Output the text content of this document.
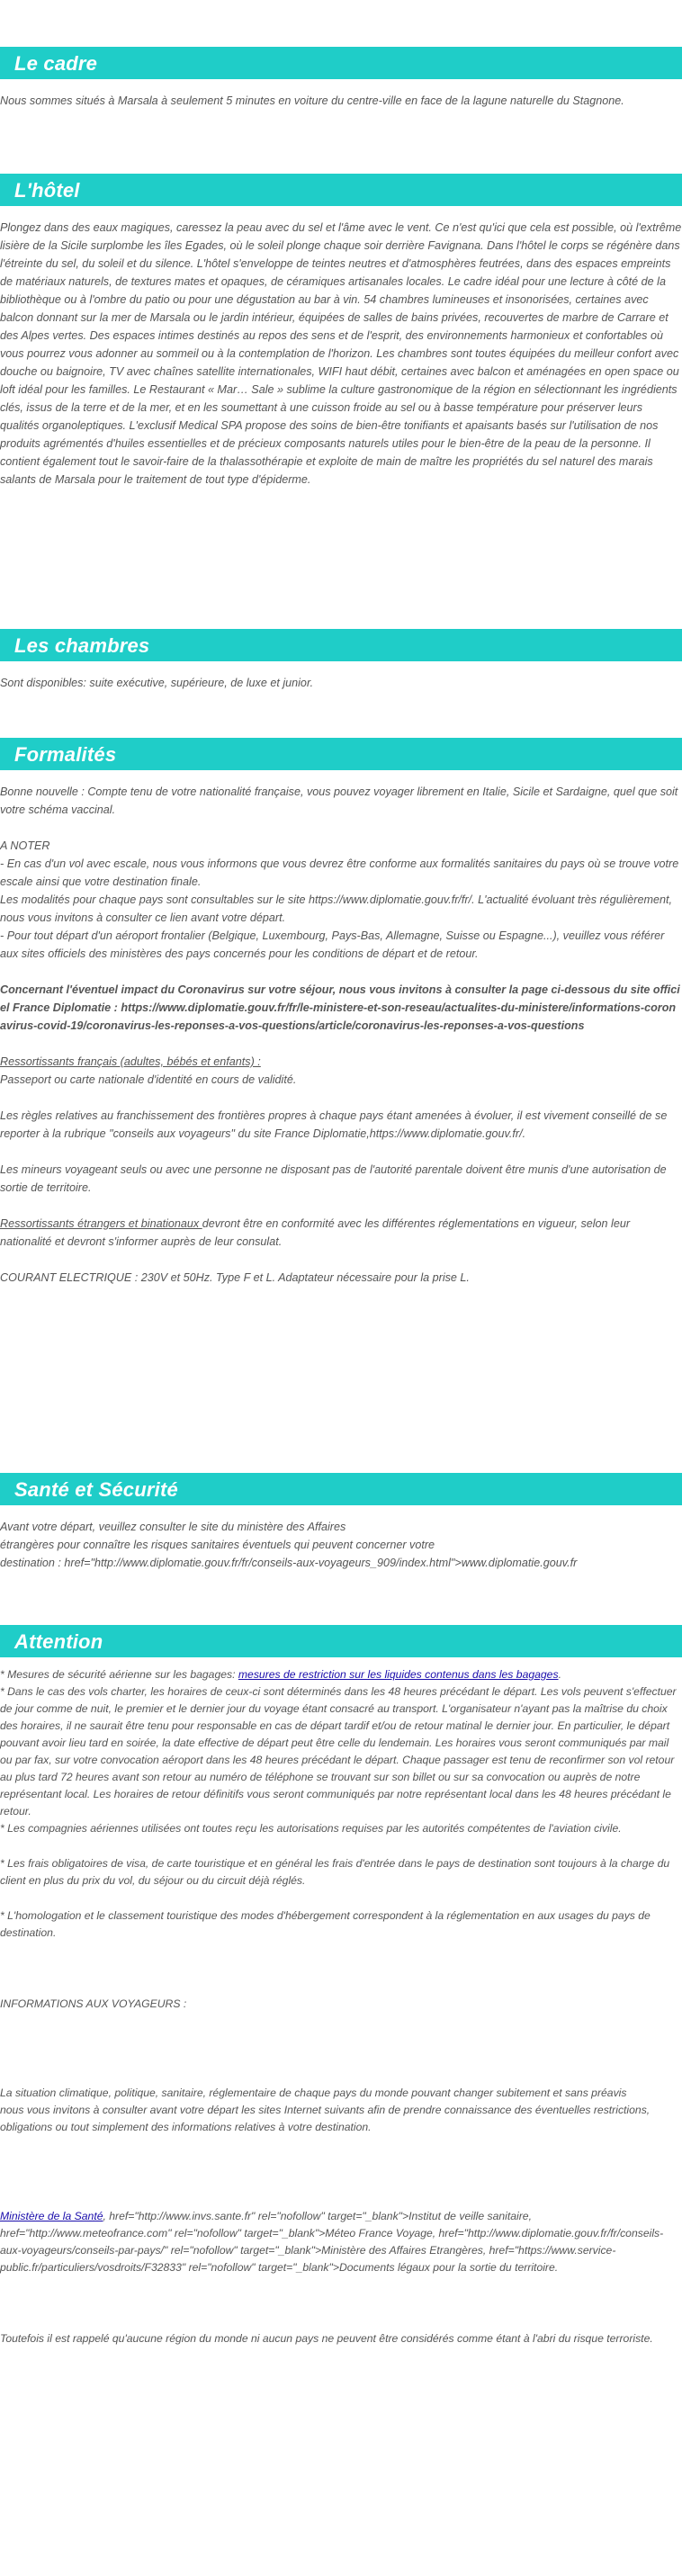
Le cadre

Nous sommes situés à Marsala à seulement 5 minutes en voiture du centre-ville en face de la lagune naturelle du Stagnone.

L'hôtel

Plongez dans des eaux magiques, caressez la peau avec du sel et l'âme avec le vent. Ce n'est qu'ici que cela est possible, où l'extrême lisière de la Sicile surplombe les îles Egades, où le soleil plonge chaque soir derrière Favignana. Dans l'hôtel le corps se régénère dans l'étreinte du sel, du soleil et du silence. L'hôtel s'enveloppe de teintes neutres et d'atmosphères feutrées, dans des espaces empreints de matériaux naturels, de textures mates et opaques, de céramiques artisanales locales. Le cadre idéal pour une lecture à côté de la bibliothèque ou à l'ombre du patio ou pour une dégustation au bar à vin. 54 chambres lumineuses et insonorisées, certaines avec balcon donnant sur la mer de Marsala ou le jardin intérieur, équipées de salles de bains privées, recouvertes de marbre de Carrare et des Alpes vertes. Des espaces intimes destinés au repos des sens et de l'esprit, des environnements harmonieux et confortables où vous pourrez vous adonner au sommeil ou à la contemplation de l'horizon. Les chambres sont toutes équipées du meilleur confort avec douche ou baignoire, TV avec chaînes satellite internationales, WIFI haut débit, certaines avec balcon et aménagées en open space ou loft idéal pour les familles. Le Restaurant « Mar… Sale » sublime la culture gastronomique de la région en sélectionnant les ingrédients clés, issus de la terre et de la mer, et en les soumettant à une cuisson froide au sel ou à basse température pour préserver leurs qualités organoleptiques. L'exclusif Medical SPA propose des soins de bien-être tonifiants et apaisants basés sur l'utilisation de nos produits agrémentés d'huiles essentielles et de précieux composants naturels utiles pour le bien-être de la peau de la personne. Il contient également tout le savoir-faire de la thalassothérapie et exploite de main de maître les propriétés du sel naturel des marais salants de Marsala pour le traitement de tout type d'épiderme.

Les chambres

Sont disponibles: suite exécutive, supérieure, de luxe et junior.

Formalités

Bonne nouvelle : Compte tenu de votre nationalité française, vous pouvez voyager librement en Italie, Sicile et Sardaigne, quel que soit votre schéma vaccinal.

A NOTER

- En cas d'un vol avec escale, nous vous informons que vous devrez être conforme aux formalités sanitaires du pays où se trouve votre escale ainsi que votre destination finale.

Les modalités pour chaque pays sont consultables sur le site https://www.diplomatie.gouv.fr/fr/. L'actualité évoluant très régulièrement, nous vous invitons à consulter ce lien avant votre départ.

- Pour tout départ d'un aéroport frontalier (Belgique, Luxembourg, Pays-Bas, Allemagne, Suisse ou Espagne...), veuillez vous référer aux sites officiels des ministères des pays concernés pour les conditions de départ et de retour.

Concernant l'éventuel impact du Coronavirus sur votre séjour, nous vous invitons à consulter la page ci-dessous du site officiel France Diplomatie : https://www.diplomatie.gouv.fr/fr/le-ministere-et-son-reseau/actualites-du-ministere/informations-coronavirus-covid-19/coronavirus-les-reponses-a-vos-questions/article/coronavirus-les-reponses-a-vos-questions

Ressortissants français (adultes, bébés et enfants) :

Passeport ou carte nationale d'identité en cours de validité.

Les règles relatives au franchissement des frontières propres à chaque pays étant amenées à évoluer, il est vivement conseillé de se reporter à la rubrique "conseils aux voyageurs" du site France Diplomatie,https://www.diplomatie.gouv.fr/.

Les mineurs voyageant seuls ou avec une personne ne disposant pas de l'autorité parentale doivent être munis d'une autorisation de sortie de territoire.

Ressortissants étrangers et binationaux devront être en conformité avec les différentes réglementations en vigueur, selon leur nationalité et devront s'informer auprès de leur consulat.

COURANT ELECTRIQUE : 230V et 50Hz. Type F et L. Adaptateur nécessaire pour la prise L.

Santé et Sécurité

Avant votre départ, veuillez consulter le site du ministère des Affaires

étrangères pour connaître les risques sanitaires éventuels qui peuvent concerner votre

destination : href="http://www.diplomatie.gouv.fr/fr/conseils-aux-voyageurs_909/index.html">www.diplomatie.gouv.fr

Attention

* Mesures de sécurité aérienne sur les bagages: mesures de restriction sur les liquides contenus dans les bagages.

* Dans le cas des vols charter, les horaires de ceux-ci sont déterminés dans les 48 heures précédant le départ. Les vols peuvent s'effectuer de jour comme de nuit, le premier et le dernier jour du voyage étant consacré au transport. L'organisateur n'ayant pas la maîtrise du choix des horaires, il ne saurait être tenu pour responsable en cas de départ tardif et/ou de retour matinal le dernier jour. En particulier, le départ pouvant avoir lieu tard en soirée, la date effective de départ peut être celle du lendemain. Les horaires vous seront communiqués par mail ou par fax, sur votre convocation aéroport dans les 48 heures précédant le départ. Chaque passager est tenu de reconfirmer son vol retour au plus tard 72 heures avant son retour au numéro de téléphone se trouvant sur son billet ou sur sa convocation ou auprès de notre représentant local. Les horaires de retour définitifs vous seront communiqués par notre représentant local dans les 48 heures précédant le retour.

* Les compagnies aériennes utilisées ont toutes reçu les autorisations requises par les autorités compétentes de l'aviation civile.

* Les frais obligatoires de visa, de carte touristique et en général les frais d'entrée dans le pays de destination sont toujours à la charge du client en plus du prix du vol, du séjour ou du circuit déjà réglés.

* L'homologation et le classement touristique des modes d'hébergement correspondent à la réglementation en aux usages du pays de destination.

INFORMATIONS AUX VOYAGEURS :

La situation climatique, politique, sanitaire, réglementaire de chaque pays du monde pouvant changer subitement et sans préavis

nous vous invitons à consulter avant votre départ les sites Internet suivants afin de prendre connaissance des éventuelles restrictions, obligations ou tout simplement des informations relatives à votre destination.

Ministère de la Santé, href="http://www.invs.sante.fr" rel="nofollow" target="_blank">Institut de veille sanitaire, href="http://www.meteofrance.com" rel="nofollow" target="_blank">Méteo France Voyage, href="http://www.diplomatie.gouv.fr/fr/conseils-aux-voyageurs/conseils-par-pays/" rel="nofollow" target="_blank">Ministère des Affaires Etrangères, href="https://www.service-public.fr/particuliers/vosdroits/F32833" rel="nofollow" target="_blank">Documents légaux pour la sortie du territoire.

Toutefois il est rappelé qu'aucune région du monde ni aucun pays ne peuvent être considérés comme étant à l'abri du risque terroriste.
